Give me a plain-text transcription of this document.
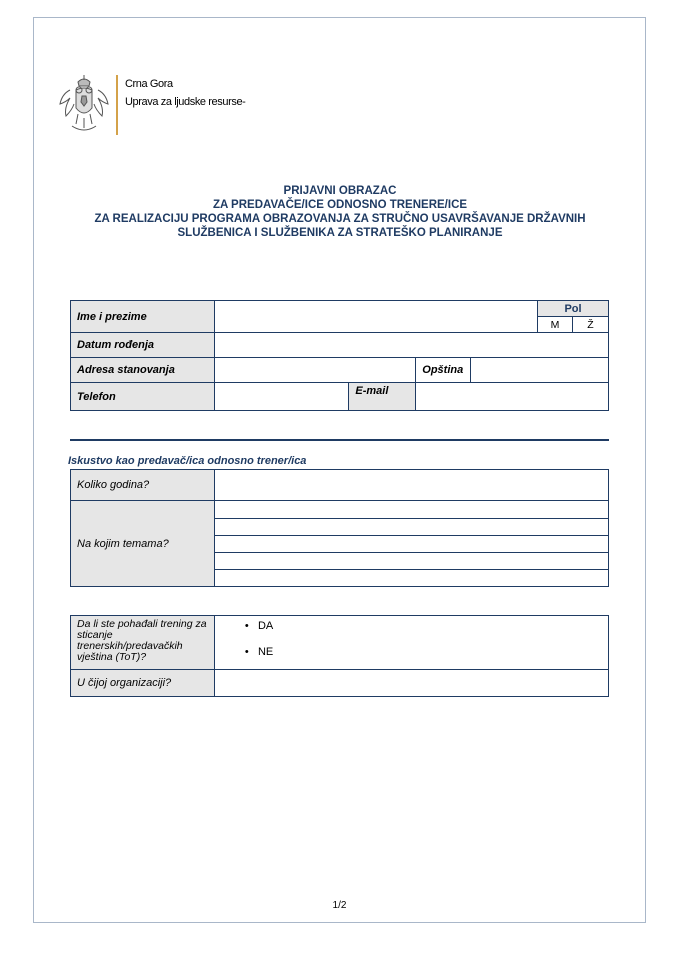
Crna Gora
Uprava za ljudske resurse-
PRIJAVNI OBRAZAC
ZA PREDAVAČE/ICE ODNOSNO TRENERE/ICE
ZA REALIZACIJU PROGRAMA OBRAZOVANJA ZA STRUČNO USAVRŠAVANJE DRŽAVNIH
SLUŽBENICA I SLUŽBENIKA ZA STRATEŠKO PLANIRANJE
Ime i prezime					Pol	
					M	Ž
Datum rođenja						
Adresa stanovanja			Opština			
Telefon		E-mail				
Iskustvo kao predavač/ica odnosno trener/ica
Koliko godina?	
Na kojim temama?	

Da li ste pohađali trening za sticanje trenerskih/predavačkih vještina (ToT)?	•   DA
•   NE

U čijoj organizaciji?	
1/2
